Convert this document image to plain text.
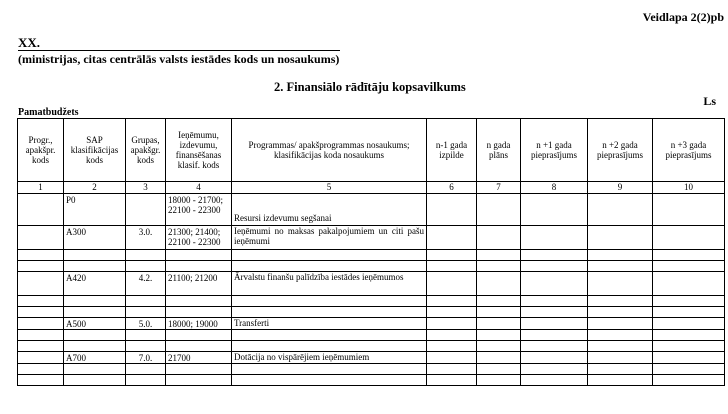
Veidlapa 2(2)pb
XX.
(ministrijas, citas centrālās valsts iestādes kods un nosaukums)
2. Finansiālo rādītāju kopsavilkums
Ls
Pamatbudžets
Progr., apakšpr. kods	SAP klasifikācijas kods	Grupas, apakšgr. kods	Ieņēmumu, izdevumu, finansēšanas klasif. kods	Programmas/ apakšprogrammas nosaukums; klasifikācijas koda nosaukums	n-1 gada izpilde	n gada plāns	n +1 gada pieprasījums	n +2 gada pieprasījums	n +3 gada pieprasījums
1	2	3	4	5	6	7	8	9	10
	P0		18000 - 21700; 22100 - 22300	Resursi izdevumu segšanai					
	A300	3.0.	21300; 21400; 22100 - 22300	Ieņēmumi no maksas pakalpojumiem un citi pašu ieņēmumi					

	A420	4.2.	21100; 21200	Ārvalstu finanšu palīdzība iestādes ieņēmumos					

	A500	5.0.	18000; 19000	Transferti					

	A700	7.0.	21700	Dotācija no vispārējiem ieņēmumiem					
